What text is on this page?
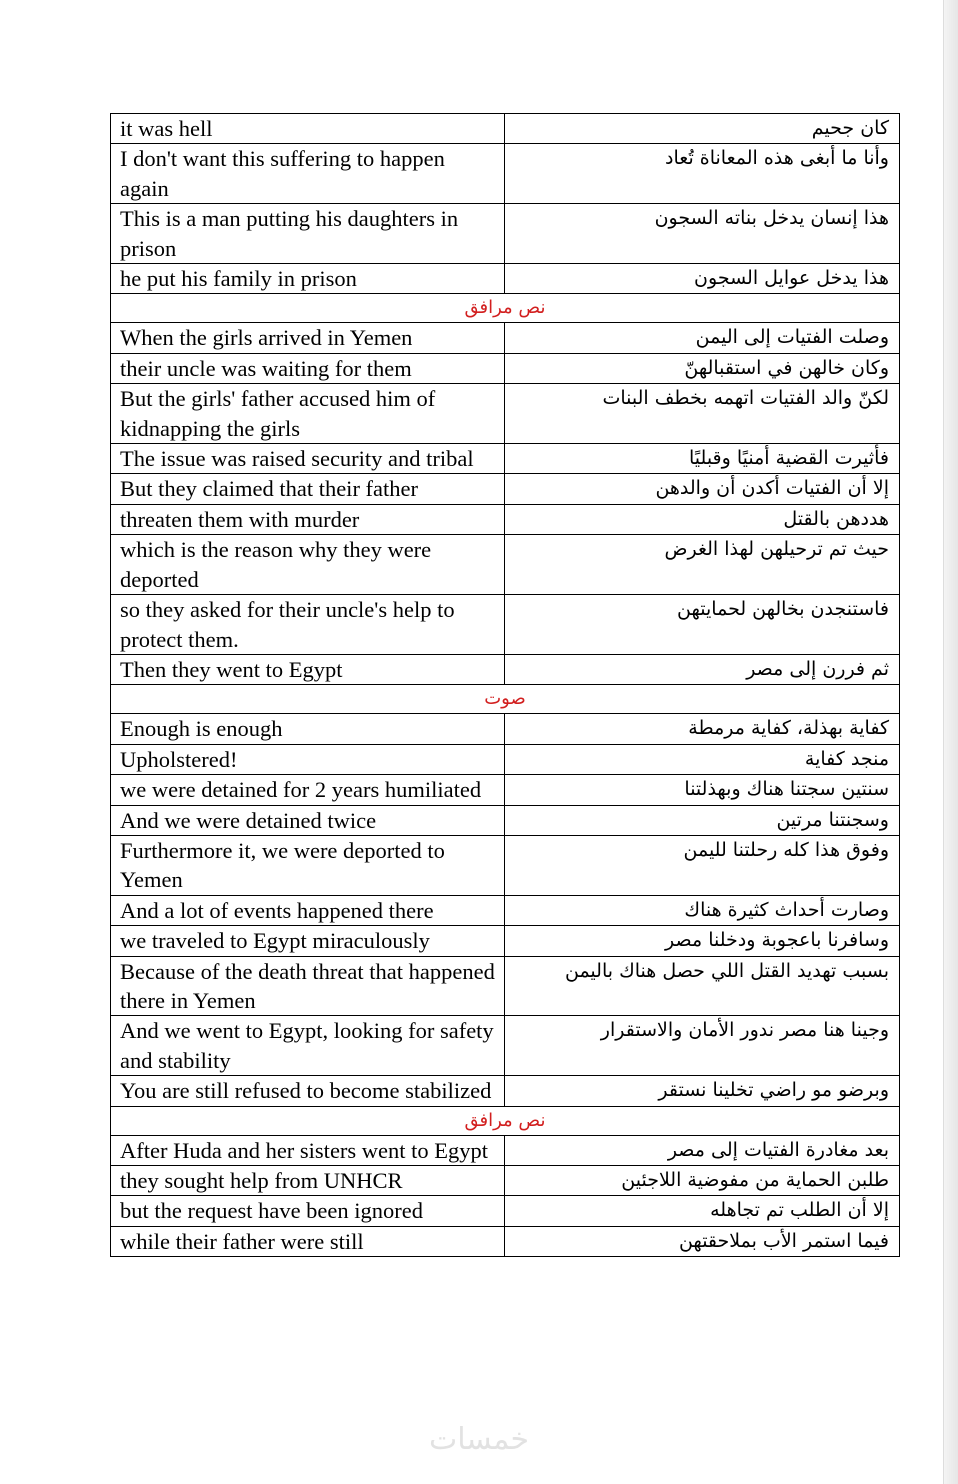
it was hell	كان جحيم
I don't want this suffering to happen again	وأنا ما أبغى هذه المعاناة تُعاد
This is a man putting his daughters in prison	هذا إنسان يدخل بناته السجون
he put his family in prison	هذا يدخل عوايل السجون
نص مرافق	
When the girls arrived in Yemen	وصلت الفتيات إلى اليمن
their uncle was waiting for them	وكان خالهن في استقبالهنّ
But the girls' father accused him of kidnapping the girls	لكنّ والد الفتيات اتهمه بخطف البنات
The issue was raised security and tribal	فأثيرت القضية أمنيًا وقبليًا
But they claimed that their father	إلا أن الفتيات أكدن أن والدهن
threaten them with murder	هددهن بالقتل
which is the reason why they were deported	حيث تم ترحيلهن لهذا الغرض
so they asked for their uncle's help to protect them.	فاستنجدن بخالهن لحمايتهن
Then they went to Egypt	ثم فررن إلى مصر
صوت	
Enough is enough	كفاية بهذلة، كفاية مرمطة
Upholstered!	منجد كفاية
we were detained for 2 years humiliated	سنتين سجتنا هناك وبهذلتنا
And we were detained twice	وسجنتنا مرتين
Furthermore it, we were deported to Yemen	وفوق هذا كله رحلتنا لليمن
And a lot of events happened there	وصارت أحداث كثيرة هناك
we traveled to Egypt miraculously	وسافرنا باعجوبة ودخلنا مصر
Because of the death threat that happened there in Yemen	بسبب تهديد القتل اللي حصل هناك باليمن
And we went to Egypt, looking for safety and stability	وجينا هنا مصر ندور الأمان والاستقرار
You are still refused to become stabilized	وبرضو مو راضي تخلينا نستقر
نص مرافق	
After Huda and her sisters went to Egypt	بعد مغادرة الفتيات إلى مصر
they sought help from UNHCR	طلبن الحماية من مفوضية اللاجئين
but the request have been ignored	إلا أن الطلب تم تجاهله
while their father were still	فيما استمر الأب بملاحقتهن
خمسات
